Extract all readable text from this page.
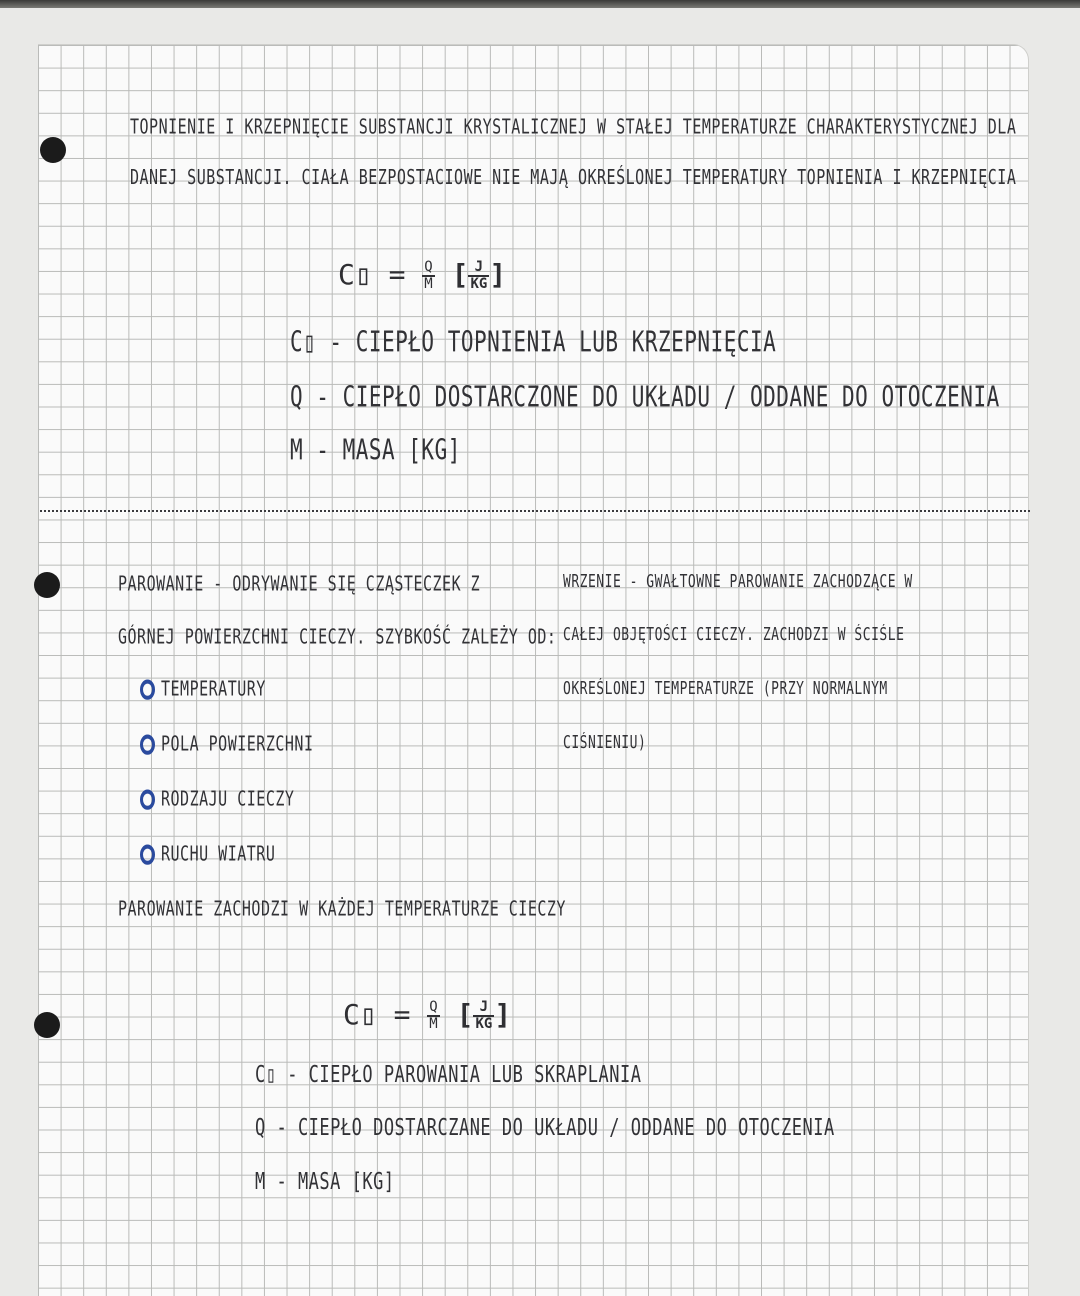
TOPNIENIE I KRZEPNIĘCIE SUBSTANCJI KRYSTALICZNEJ W STAŁEJ TEMPERATURZE CHARAKTERYSTYCZNEJ DLA
DANEJ SUBSTANCJI. CIAŁA BEZPOSTACIOWE NIE MAJĄ OKREŚLONEJ TEMPERATURY TOPNIENIA I KRZEPNIĘCIA
C▯ = $\frac{Q}{M}$ [ $\frac{J}{KG}$ ]
C▯ - CIEPŁO TOPNIENIA LUB KRZEPNIĘCIA
Q - CIEPŁO DOSTARCZONE DO UKŁADU / ODDANE DO OTOCZENIA
M - MASA [KG]
PAROWANIE - ODRYWANIE SIĘ CZĄSTECZEK Z
GÓRNEJ POWIERZCHNI CIECZY. SZYBKOŚĆ ZALEŻY OD:
TEMPERATURY
POLA POWIERZCHNI
RODZAJU CIECZY
RUCHU WIATRU
PAROWANIE ZACHODZI W KAŻDEJ TEMPERATURZE CIECZY
WRZENIE - GWAŁTOWNE PAROWANIE ZACHODZĄCE W
CAŁEJ OBJĘTOŚCI CIECZY. ZACHODZI W ŚCIŚLE
OKREŚLONEJ TEMPERATURZE (PRZY NORMALNYM
CIŚNIENIU)
C▯ = $\frac{Q}{M}$ [ $\frac{J}{KG}$ ]
C▯ - CIEPŁO PAROWANIA LUB SKRAPLANIA
Q - CIEPŁO DOSTARCZANE DO UKŁADU / ODDANE DO OTOCZENIA
M - MASA [KG]
